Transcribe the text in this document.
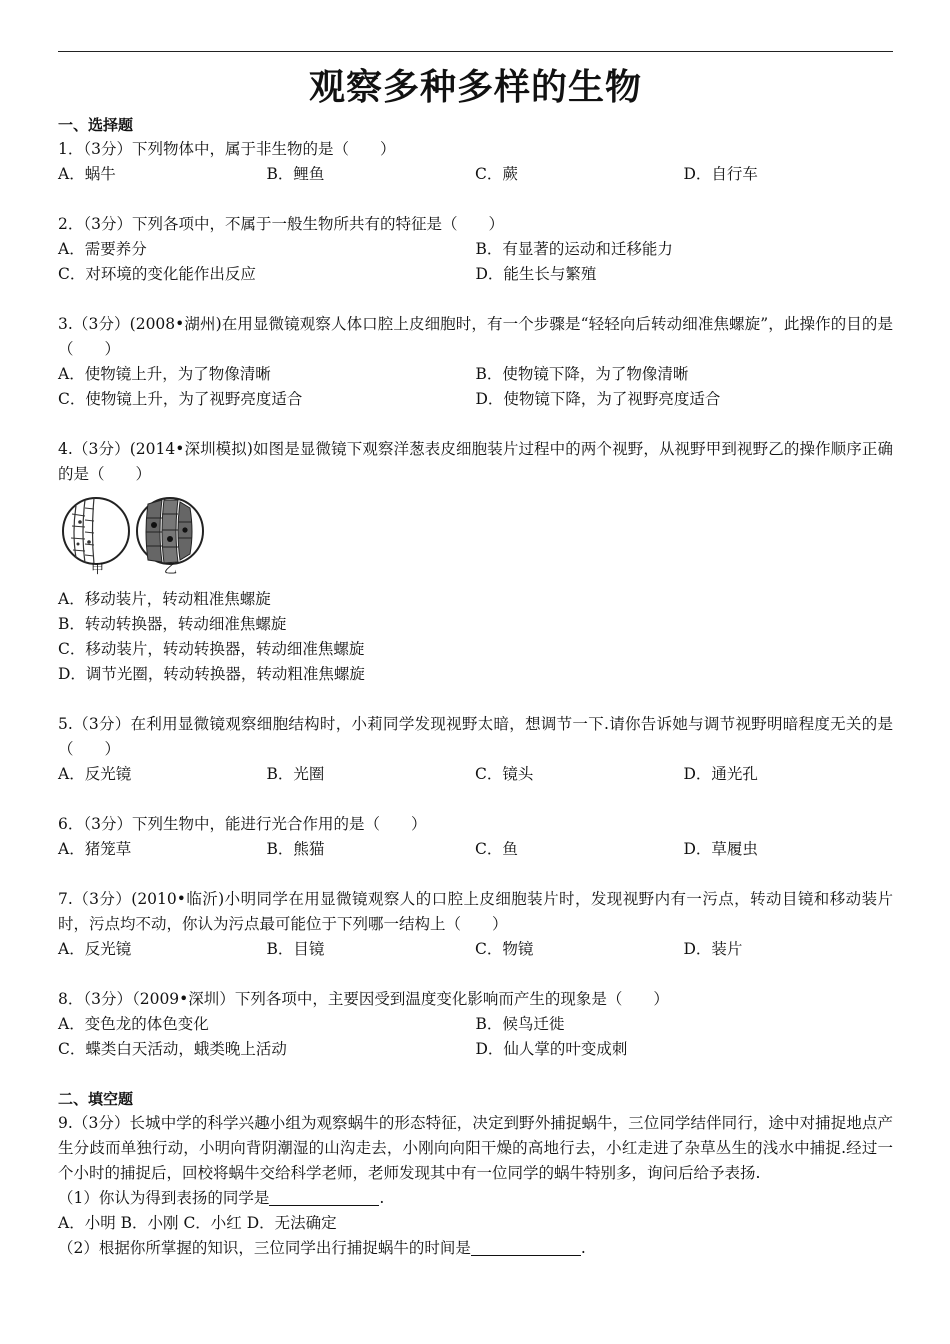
观察多种多样的生物
一、选择题
1．（3分）下列物体中，属于非生物的是（　　）
A．蜗牛	B．鲤鱼	C．蕨	D．自行车
2．（3分）下列各项中，不属于一般生物所共有的特征是（　　）
A．需要养分	B．有显著的运动和迁移能力
C．对环境的变化能作出反应	D．能生长与繁殖
3.（3分）(2008•湖州)在用显微镜观察人体口腔上皮细胞时，有一个步骤是“轻轻向后转动细准焦螺旋”，此操作的目的是（　　）
A．使物镜上升，为了物像清晰	B．使物镜下降，为了物像清晰
C．使物镜上升，为了视野亮度适合	D．使物镜下降，为了视野亮度适合
4.（3分）(2014•深圳模拟)如图是显微镜下观察洋葱表皮细胞装片过程中的两个视野，从视野甲到视野乙的操作顺序正确的是（　　）
甲	乙
A．移动装片，转动粗准焦螺旋
B．转动转换器，转动细准焦螺旋
C．移动装片，转动转换器，转动细准焦螺旋
D．调节光圈，转动转换器，转动粗准焦螺旋
5.（3分）在利用显微镜观察细胞结构时，小莉同学发现视野太暗，想调节一下.请你告诉她与调节视野明暗程度无关的是（　　）
A．反光镜	B．光圈	C．镜头	D．通光孔
6．（3分）下列生物中，能进行光合作用的是（　　）
A．猪笼草	B．熊猫	C．鱼	D．草履虫
7.（3分）(2010•临沂)小明同学在用显微镜观察人的口腔上皮细胞装片时，发现视野内有一污点，转动目镜和移动装片时，污点均不动，你认为污点最可能位于下列哪一结构上（　　）
A．反光镜	B．目镜	C．物镜	D．装片
8．（3分）（2009•深圳）下列各项中，主要因受到温度变化影响而产生的现象是（　　）
A．变色龙的体色变化	B．候鸟迁徙
C．蝶类白天活动，蛾类晚上活动	D．仙人掌的叶变成刺
二、填空题
9.（3分）长城中学的科学兴趣小组为观察蜗牛的形态特征，决定到野外捕捉蜗牛，三位同学结伴同行，途中对捕捉地点产生分歧而单独行动，小明向背阴潮湿的山沟走去，小刚向向阳干燥的高地行去，小红走进了杂草丛生的浅水中捕捉.经过一个小时的捕捉后，回校将蜗牛交给科学老师，老师发现其中有一位同学的蜗牛特别多，询问后给予表扬.
（1）你认为得到表扬的同学是	.
A．小明 B．小刚 C．小红 D．无法确定
（2）根据你所掌握的知识，三位同学出行捕捉蜗牛的时间是	.
